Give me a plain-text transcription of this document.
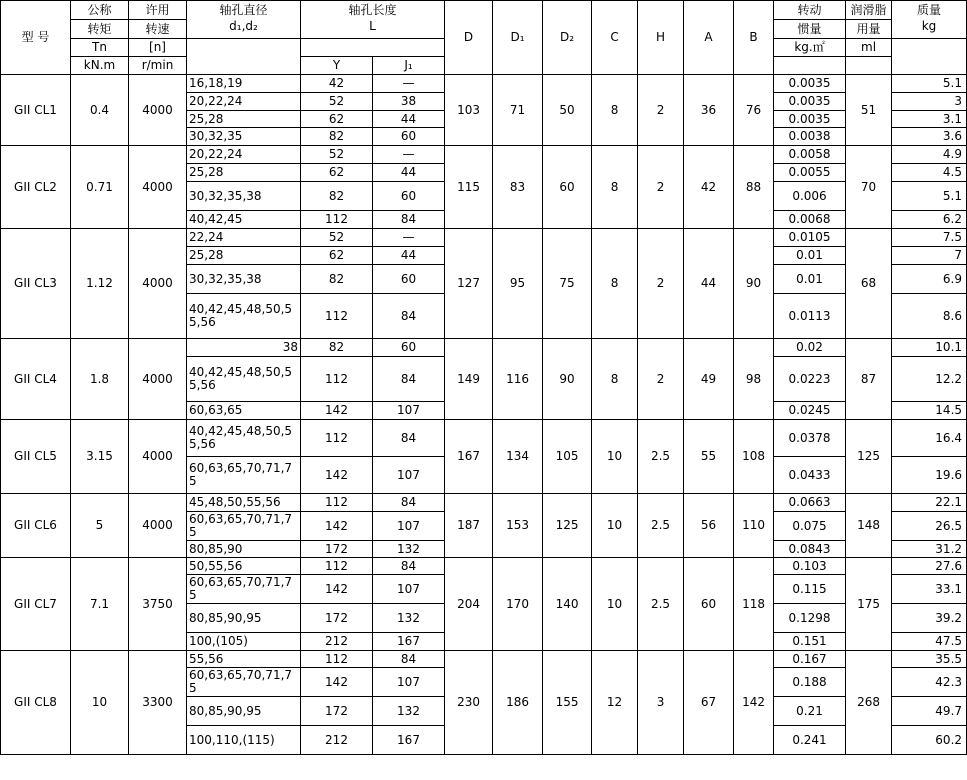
型 号	公称	许用	轴孔直径	轴孔长度		D	D₁	D₂	C	H	A	B	转动	润滑脂	质量
	转矩	转速	d₁,d₂	L									惯量	用量	kg
	Tn	[n]											kg.㎡	ml	
	kN.m	r/min		Y	J₁										
GII CL1	0.4	4000	16,18,19	42	—	103	71	50	8	2	36	76	0.0035	51	5.1
			20,22,24	52	38								0.0035		3
			25,28	62	44								0.0035		3.1
			30,32,35	82	60								0.0038		3.6
GII CL2	0.71	4000	20,22,24	52	—	115	83	60	8	2	42	88	0.0058	70	4.9
			25,28	62	44								0.0055		4.5
			30,32,35,38	82	60								0.006		5.1
			40,42,45	112	84								0.0068		6.2
GII CL3	1.12	4000	22,24	52	—	127	95	75	8	2	44	90	0.0105	68	7.5
			25,28	62	44								0.01		7
			30,32,35,38	82	60								0.01		6.9
			40,42,45,48,50,55,56	112	84								0.0113		8.6
GII CL4	1.8	4000	38	82	60	149	116	90	8	2	49	98	0.02	87	10.1
			40,42,45,48,50,55,56	112	84								0.0223		12.2
			60,63,65	142	107								0.0245		14.5
GII CL5	3.15	4000	40,42,45,48,50,55,56	112	84	167	134	105	10	2.5	55	108	0.0378	125	16.4
			60,63,65,70,71,75	142	107								0.0433		19.6
GII CL6	5	4000	45,48,50,55,56	112	84	187	153	125	10	2.5	56	110	0.0663	148	22.1
			60,63,65,70,71,75	142	107								0.075		26.5
			80,85,90	172	132								0.0843		31.2
GII CL7	7.1	3750	50,55,56	112	84	204	170	140	10	2.5	60	118	0.103	175	27.6
			60,63,65,70,71,75	142	107								0.115		33.1
			80,85,90,95	172	132								0.1298		39.2
			100,(105)	212	167								0.151		47.5
GII CL8	10	3300	55,56	112	84	230	186	155	12	3	67	142	0.167	268	35.5
			60,63,65,70,71,75	142	107								0.188		42.3
			80,85,90,95	172	132								0.21		49.7
			100,110,(115)	212	167								0.241		60.2
